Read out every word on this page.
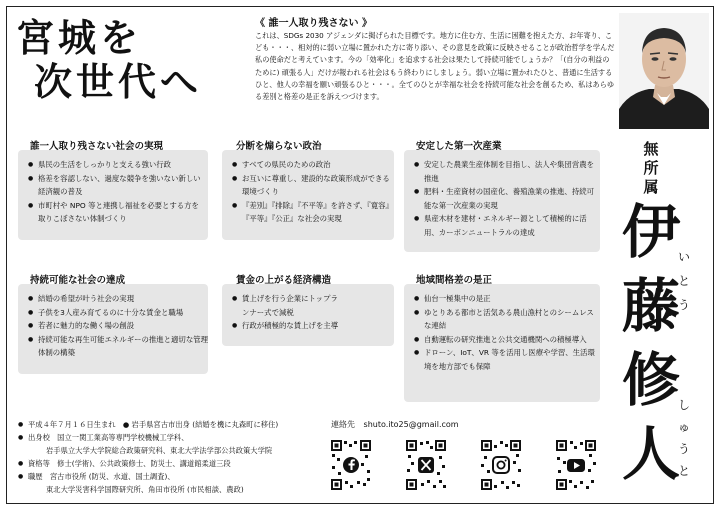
宮城を
次世代へ
《 誰一人取り残さない 》
これは、SDGs 2030 アジェンダに掲げられた目標です。地方に住む方、生活に困難を抱えた方、お年寄り、こども・・・、相対的に弱い立場に置かれた方に寄り添い、その意見を政策に反映させることが政治哲学を学んだ私の使命だと考えています。今の「効率化」を追求する社会は果たして持続可能でしょうか？「(自分の利益のために) 頑張る人」だけが報われる社会はもう終わりにしましょう。弱い立場に置かれたひと、普通に生活するひと、他人の幸福を願い頑張るひと・・・。全てのひとが幸福な社会を持続可能な社会を創るため、私はあらゆる差別と格差の是正を訴えつづけます。
誰一人取り残さない社会の実現
● 県民の生活をしっかりと支える強い行政
● 格差を容認しない、過度な競争を強いない新しい経済観の普及
● 市町村や NPO 等と連携し福祉を必要とする方を取りこぼさない体制づくり
分断を煽らない政治
● すべての県民のための政治
● お互いに尊重し、建設的な政策形成ができる環境づくり
● 『差別』『排除』『不平等』を許さず、『寛容』『平等』『公正』な社会の実現
安定した第一次産業
● 安定した農業生産体制を目指し、法人や集団営農を推進
● 肥料・生産資材の国産化、養殖漁業の推進、持続可能な第一次産業の実現
● 県産木材を建材・エネルギー源として積極的に活用、カーボンニュートラルの達成
持続可能な社会の達成
● 結婚の希望が叶う社会の実現
● 子供を3人産み育てるのに十分な賃金と職場
● 若者に魅力的な働く場の創設
● 持続可能な再生可能エネルギーの推進と適切な管理体制の構築
賃金の上がる経済構造
● 賃上げを行う企業にトップランナー式で減税
● 行政が積極的な賃上げを主導
地域間格差の是正
● 仙台一極集中の是正
● ゆとりある都市と活気ある農山漁村とのシームレスな連結
● 自動運転の研究推進と公共交通機関への積極導入
● ドローン、IoT、VR 等を活用し医療や学習、生活環境を地方部でも保障
無所属
伊
藤
修
人
い
と
う
し
ゅ
う
と
● 平成４年７月１６日生まれ　● 岩手県宮古市出身 (結婚を機に丸森町に移住)
● 出身校　国立一関工業高等専門学校機械工学科、
岩手県立大学大学院総合政策研究科、東北大学法学部公共政策大学院
● 資格等　修士(学術)、公共政策修士、防災士、講道館柔道三段
● 職歴　宮古市役所 (防災、水道、国土調査)、
東北大学災害科学国際研究所、角田市役所 (市民相談、農政)
連絡先 shuto.ito25@gmail.com
